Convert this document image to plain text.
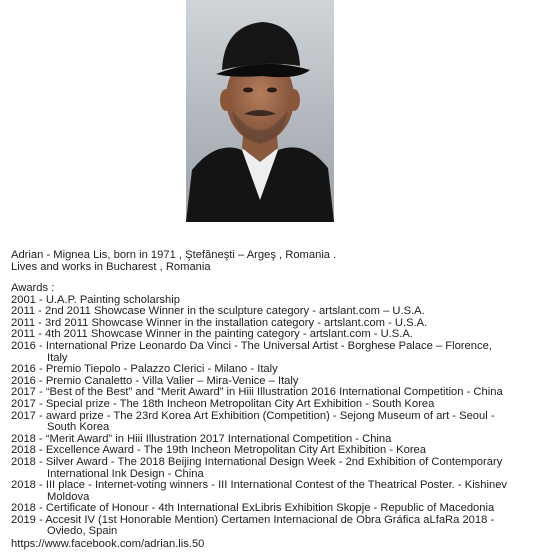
Adrian - Mignea Lis, born in 1971 , Ştefăneşti – Argeş , Romania .
Lives and works in Bucharest , Romania
Awards :
2001 - U.A.P. Painting scholarship
2011 - 2nd 2011 Showcase Winner in the sculpture category - artslant.com – U.S.A.
2011 - 3rd 2011 Showcase Winner in the installation category - artslant.com - U.S.A.
2011 - 4th 2011 Showcase Winner in the painting category - artslant.com - U.S.A.
2016 - International Prize Leonardo Da Vinci - The Universal Artist - Borghese Palace – Florence,
Italy
2016 - Premio Tiepolo - Palazzo Clerici - Milano - Italy
2016 - Premio Canaletto - Villa Valier – Mira-Venice – Italy
2017 - “Best of the Best” and “Merit Award” in Hiii Illustration 2016 International Competition - China
2017 - Special prize - The 18th Incheon Metropolitan City Art Exhibition - South Korea
2017 - award prize - The 23rd Korea Art Exhibition (Competition) - Sejong Museum of art - Seoul -
South Korea
2018 - “Merit Award” in Hiii Illustration 2017 International Competition - China
2018 - Excellence Award - The 19th Incheon Metropolitan City Art Exhibition - Korea
2018 - Silver Award - The 2018 Beijing International Design Week - 2nd Exhibition of Contemporary
International Ink Design - China
2018 - III place - Internet-voting winners - III International Contest of the Theatrical Poster. - Kishinev
Moldova
2018 - Certificate of Honour - 4th International ExLibris Exhibition Skopje - Republic of Macedonia
2019 - Accesit IV (1st Honorable Mention) Certamen Internacional de Obra Gráfica aLfaRa 2018 -
Oviedo, Spain
https://www.facebook.com/adrian.lis.50
